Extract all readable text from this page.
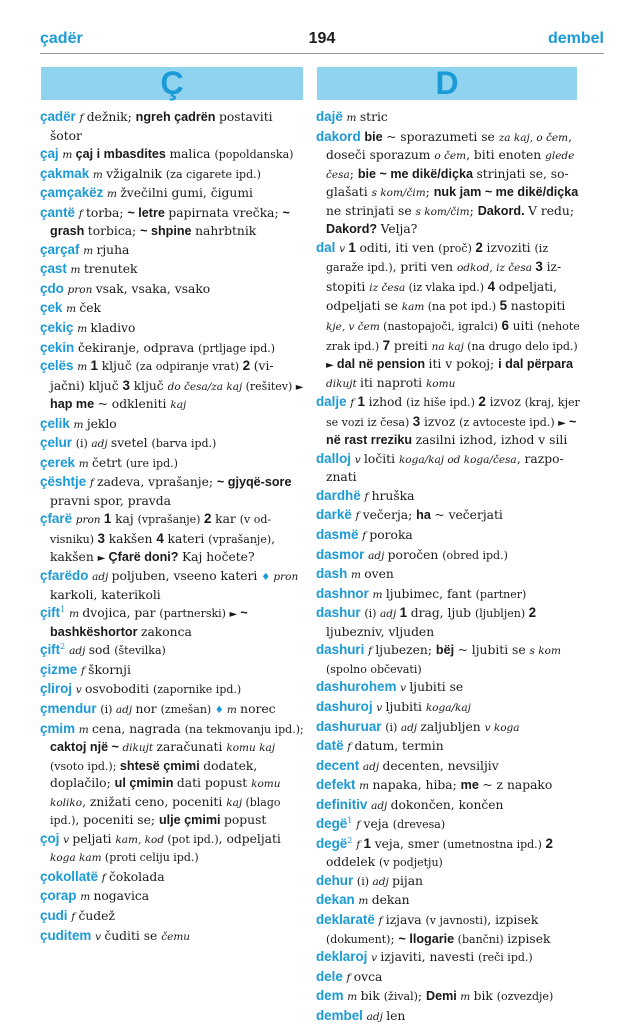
çadër	194	dembel
Ç	D

çadër f dežnik; ngreh çadrën postaviti šotor

çaj m çaj i mbasdites malica (popoldanska)

çakmak m vžigalnik (za cigarete ipd.)

çamçakëz m žvečilni gumi, čigumi

çantë f torba; ~ letre papirnata vrečka; ~ grash torbica; ~ shpine nahrbtnik

çarçaf m rjuha

çast m trenutek

çdo pron vsak, vsaka, vsako

çek m ček

çekiç m kladivo

çekin čekiranje, odprava (prtljage ipd.)

çelës m 1 ključ (za odpiranje vrat) 2 (vi-jačni) ključ 3 ključ do česa/za kaj (rešitev) ► hap me ~ odkleniti kaj

çelik m jeklo

çelur (i) adj svetel (barva ipd.)

çerek m četrt (ure ipd.)

çështje f zadeva, vprašanje; ~ gjyqë-sore pravni spor, pravda

çfarë pron 1 kaj (vprašanje) 2 kar (v od-visniku) 3 kakšen 4 kateri (vprašanje), kakšen ► Çfarë doni? Kaj hočete?

çfarëdo adj poljuben, vseeno kateri ♦ pron karkoli, katerikoli

çift$^1$ m dvojica, par (partnerski) ► ~ bashkëshortor zakonca

çift$^2$ adj sod (številka)

çizme f škornji

çliroj v osvoboditi (zapornike ipd.)

çmendur (i) adj nor (zmešan) ♦ m norec

çmim m cena, nagrada (na tekmovanju ipd.); caktoj një ~ dikujt zaračunati komu kaj (vsoto ipd.); shtesë çmimi dodatek, doplačilo; ul çmimin dati popust komu koliko, znižati ceno, poceniti kaj (blago ipd.), poceniti se; ulje çmimi popust

çoj v peljati kam, kod (pot ipd.), odpeljati koga kam (proti celiju ipd.)

çokollatë f čokolada

çorap m nogavica

çudi f čudež

çuditem v čuditi se čemu

dajë m stric

dakord bie ~ sporazumeti se za kaj, o čem, doseči sporazum o čem, biti enoten glede česa; bie ~ me dikë/diçka strinjati se, so-glašati s kom/čim; nuk jam ~ me dikë/diçka ne strinjati se s kom/čim; Dakord. V redu; Dakord? Velja?

dal v 1 oditi, iti ven (proč) 2 izvoziti (iz garaže ipd.), priti ven odkod, iz česa 3 iz-stopiti iz česa (iz vlaka ipd.) 4 odpeljati, odpeljati se kam (na pot ipd.) 5 nastopiti kje, v čem (nastopajoči, igralci) 6 uiti (nehote zrak ipd.) 7 preiti na kaj (na drugo delo ipd.) ► dal në pension iti v pokoj; i dal përpara dikujt iti naproti komu

dalje f 1 izhod (iz hiše ipd.) 2 izvoz (kraj, kjer se vozi iz česa) 3 izvoz (z avtoceste ipd.) ► ~ në rast rreziku zasilni izhod, izhod v sili

dalloj v ločiti koga/kaj od koga/česa, razpo-znati

dardhë f hruška

darkë f večerja; ha ~ večerjati

dasmë f poroka

dasmor adj poročen (obred ipd.)

dash m oven

dashnor m ljubimec, fant (partner)

dashur (i) adj 1 drag, ljub (ljubljen) 2 ljubezniv, vljuden

dashuri f ljubezen; bëj ~ ljubiti se s kom (spolno občevati)

dashurohem v ljubiti se

dashuroj v ljubiti koga/kaj

dashuruar (i) adj zaljubljen v koga

datë f datum, termin

decent adj decenten, nevsiljiv

defekt m napaka, hiba; me ~ z napako

definitiv adj dokončen, končen

degë$^1$ f veja (drevesa)

degë$^2$ f 1 veja, smer (umetnostna ipd.) 2 oddelek (v podjetju)

dehur (i) adj pijan

dekan m dekan

deklaratë f izjava (v javnosti), izpisek (dokument); ~ llogarie (bančni) izpisek

deklaroj v izjaviti, navesti (reči ipd.)

dele f ovca

dem m bik (žival); Demi m bik (ozvezdje)

dembel adj len
